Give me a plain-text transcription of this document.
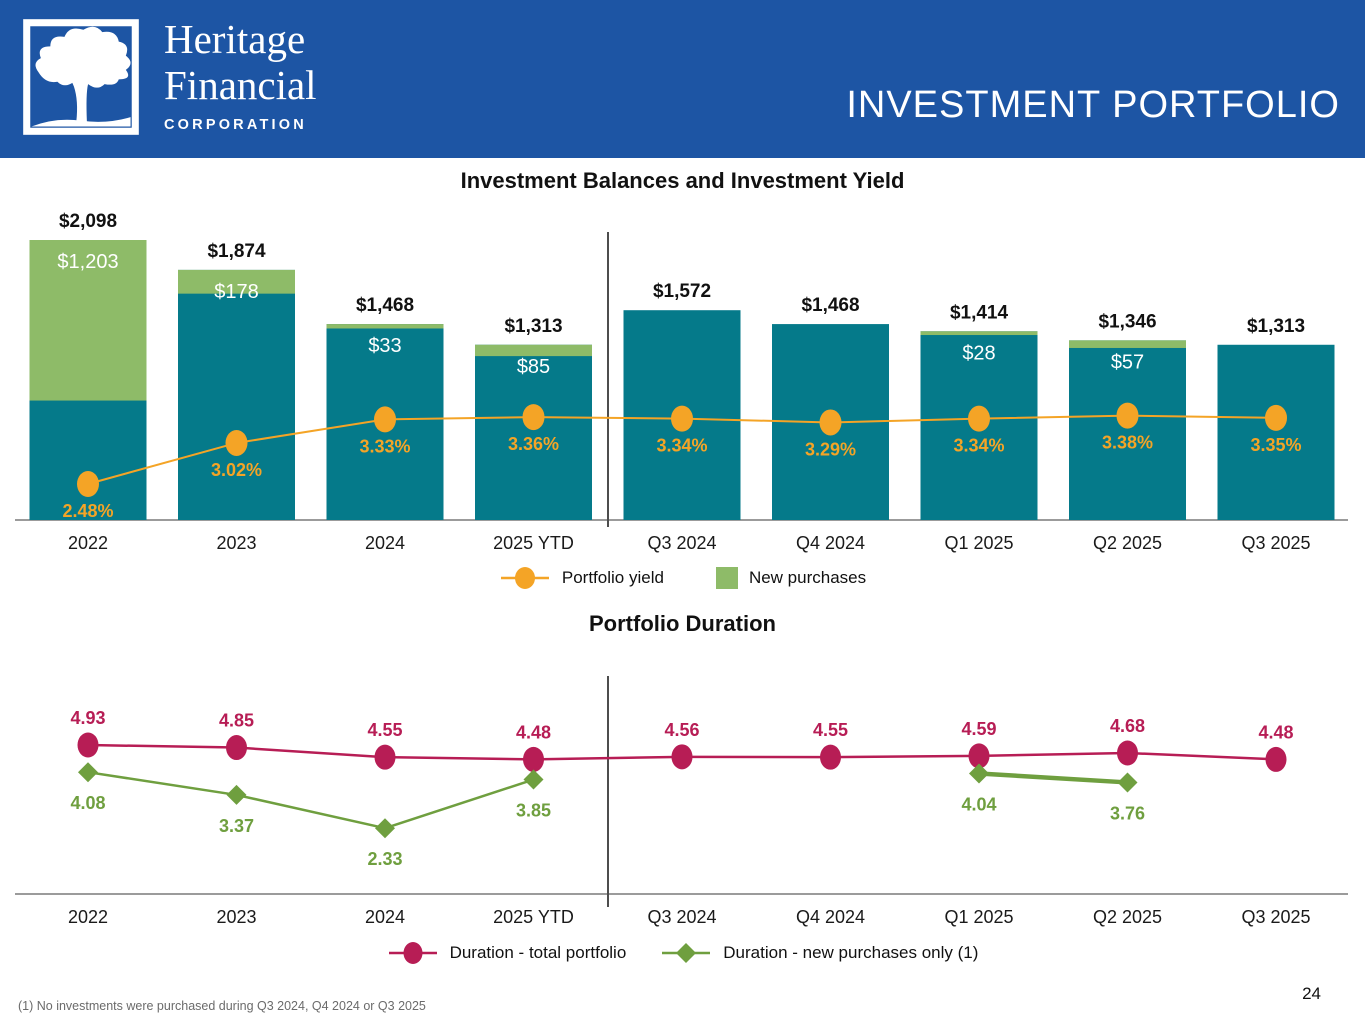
Heritage
Financial
CORPORATION	INVESTMENT PORTFOLIO
Investment Balances and Investment Yield
$2,098
$1,203	$1,874
$178
$1,468
$33
$1,313
$85
$1,572
$1,468	$1,414
$28
$1,346
$57
$1,313
2.48%
3.02%
3.33%	3.36%	3.34%	3.29%	3.34%	3.38%	3.35%
2022	2023	2024	2025 YTD	Q3 2024	Q4 2024	Q1 2025	Q2 2025	Q3 2025
Portfolio yield	New purchases
Portfolio Duration
4.93	4.85	4.55	4.48	4.56	4.55	4.59	4.68	4.48
4.08
3.37
2.33
3.85	4.04	3.76
2022	2023	2024	2025 YTD	Q3 2024	Q4 2024	Q1 2025	Q2 2025	Q3 2025
Duration - total portfolio	Duration - new purchases only (1)
(1) No investments were purchased during Q3 2024, Q4 2024 or Q3 2025
24
